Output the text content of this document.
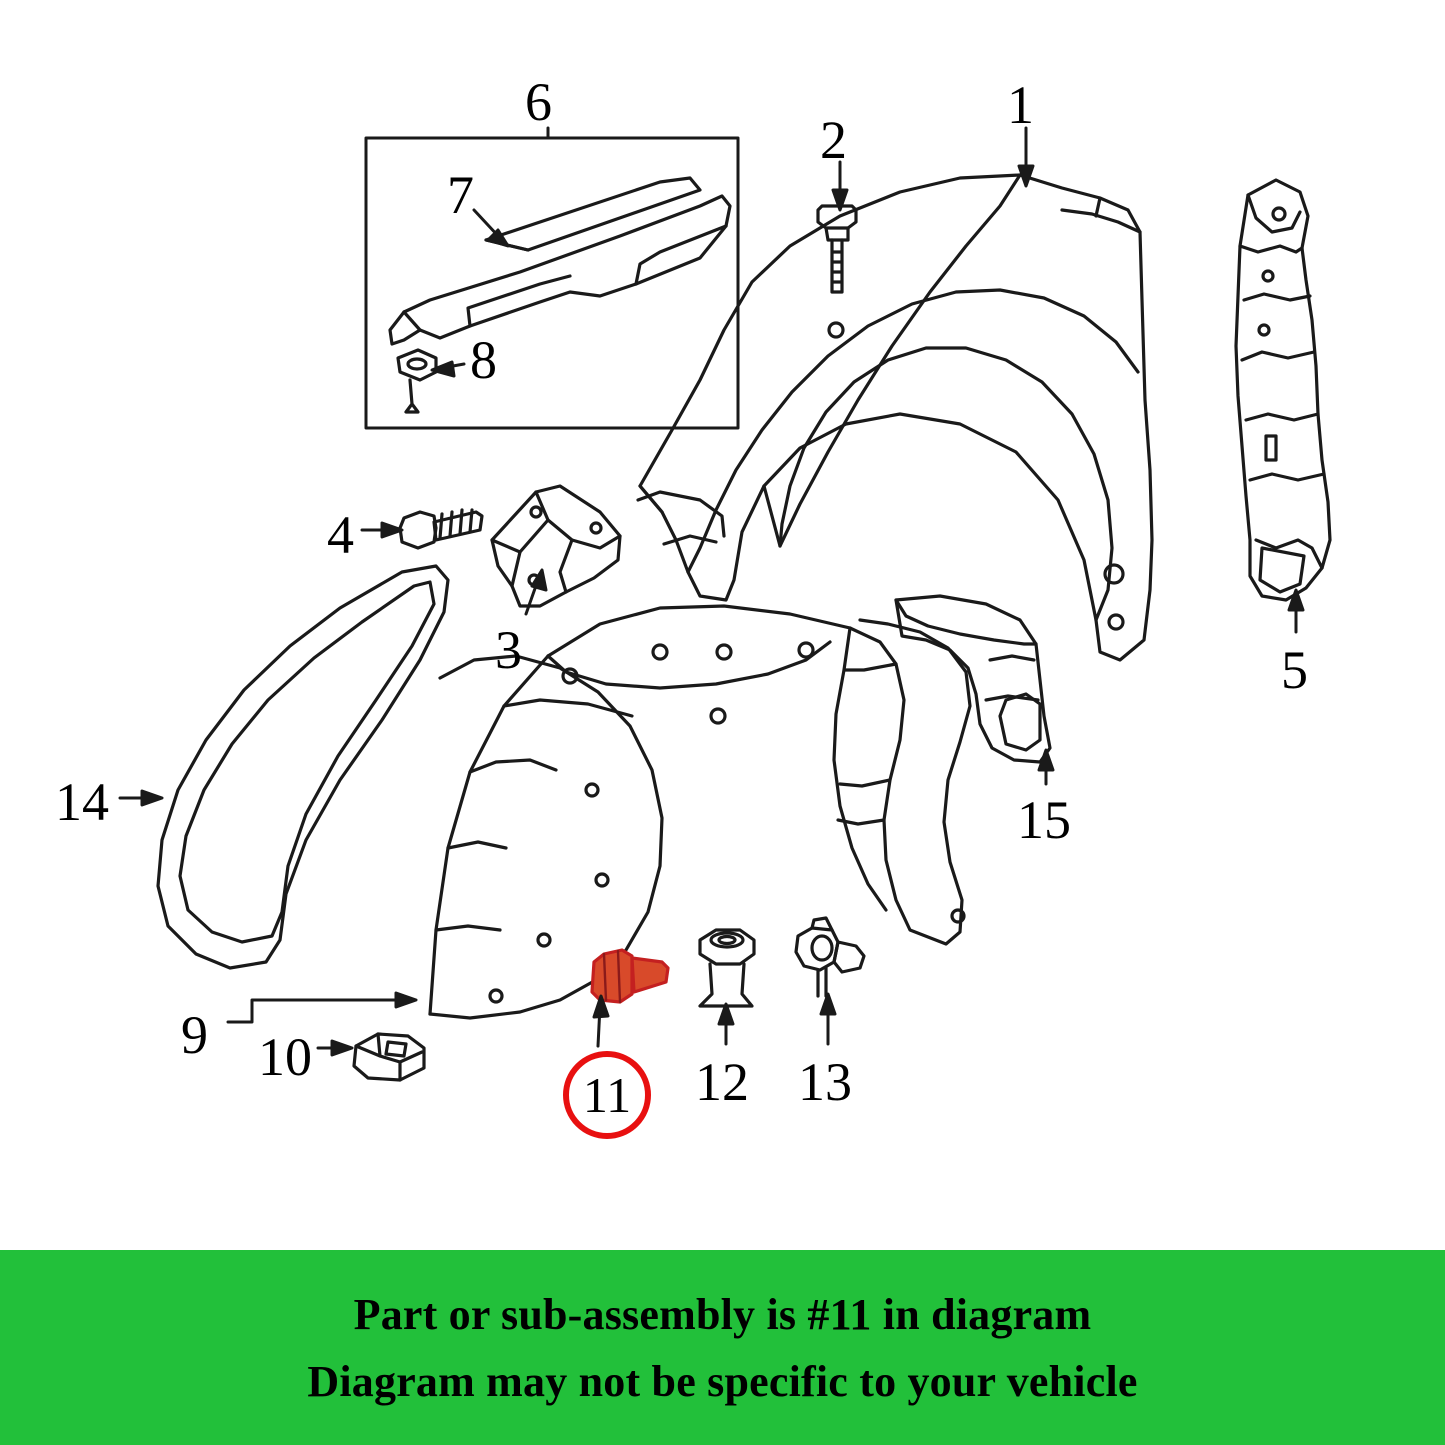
1
2
3
4
5
6
7
8
9 10	12 13
14	15
11
Part or sub-assembly is #11 in diagram
Diagram may not be specific to your vehicle
